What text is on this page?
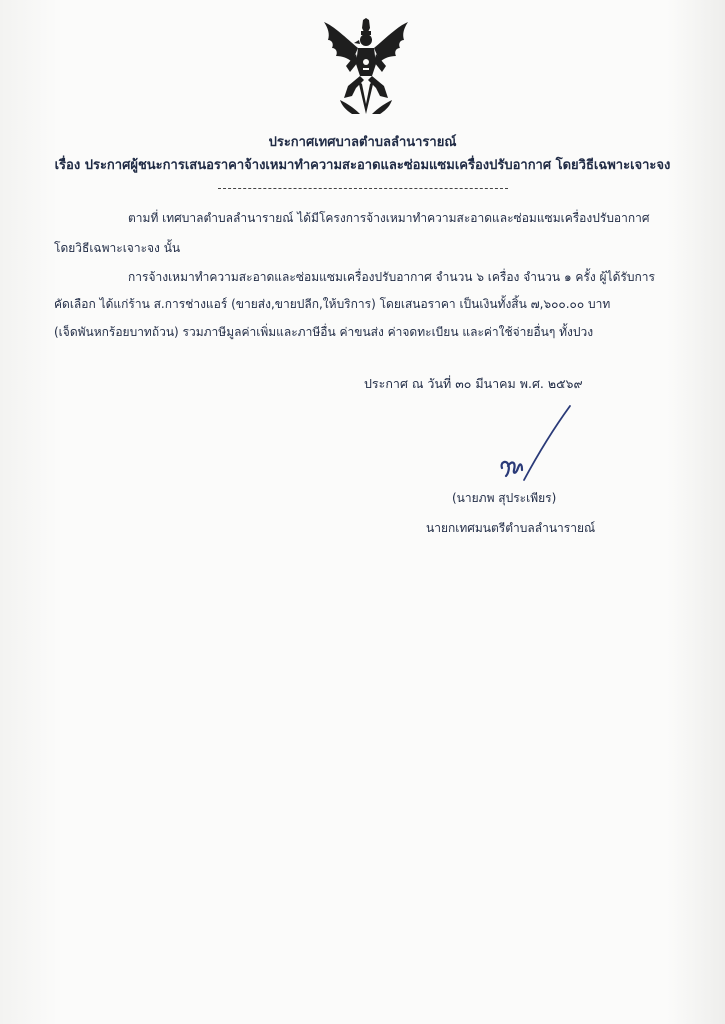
ประกาศเทศบาลตำบลลำนารายณ์
เรื่อง ประกาศผู้ชนะการเสนอราคาจ้างเหมาทำความสะอาดและซ่อมแซมเครื่องปรับอากาศ โดยวิธีเฉพาะเจาะจง
ตามที่ เทศบาลตำบลลำนารายณ์ ได้มีโครงการจ้างเหมาทำความสะอาดและซ่อมแซมเครื่องปรับอากาศ
โดยวิธีเฉพาะเจาะจง นั้น
การจ้างเหมาทำความสะอาดและซ่อมแซมเครื่องปรับอากาศ จำนวน ๖ เครื่อง จำนวน ๑ ครั้ง ผู้ได้รับการ
คัดเลือก ได้แก่ร้าน ส.การช่างแอร์ (ขายส่ง,ขายปลีก,ให้บริการ) โดยเสนอราคา เป็นเงินทั้งสิ้น ๗,๖๐๐.๐๐ บาท
(เจ็ดพันหกร้อยบาทถ้วน) รวมภาษีมูลค่าเพิ่มและภาษีอื่น ค่าขนส่ง ค่าจดทะเบียน และค่าใช้จ่ายอื่นๆ ทั้งปวง
ประกาศ ณ วันที่ ๓๐ มีนาคม พ.ศ. ๒๕๖๙
(นายภพ สุประเพียร)
นายกเทศมนตรีตำบลลำนารายณ์
